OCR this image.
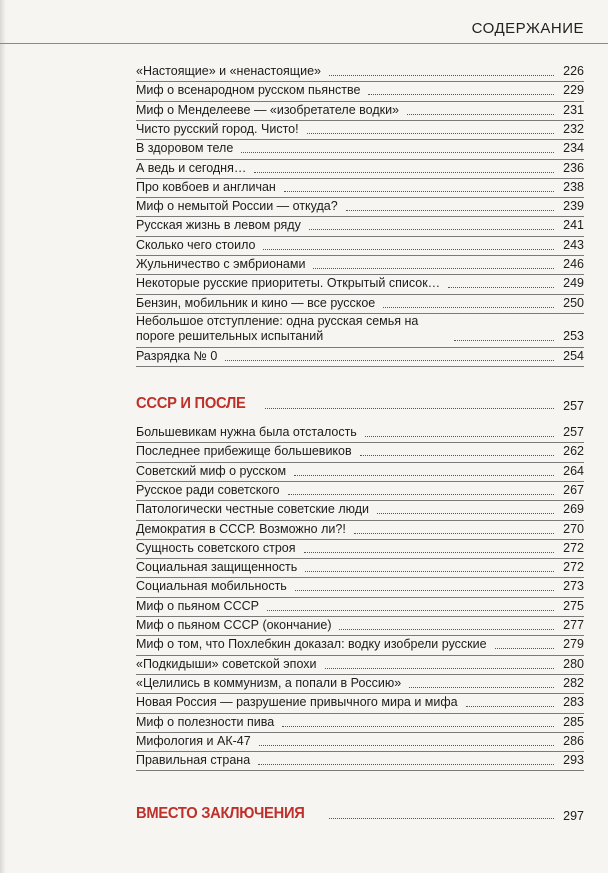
СОДЕРЖАНИЕ
«Настоящие» и «ненастоящие»	226
Миф о всенародном русском пьянстве	229
Миф о Менделееве — «изобретателе водки»	231
Чисто русский город. Чисто!	232
В здоровом теле	234
А ведь и сегодня…	236
Про ковбоев и англичан	238
Миф о немытой России — откуда?	239
Русская жизнь в левом ряду	241
Сколько чего стоило	243
Жульничество с эмбрионами	246
Некоторые русские приоритеты. Открытый список…	249
Бензин, мобильник и кино — все русское	250
Небольшое отступление: одна русская семья на пороге решительных испытаний	253
Разрядка № 0	254
СССР И ПОСЛЕ	257
Большевикам нужна была отсталость	257
Последнее прибежище большевиков	262
Советский миф о русском	264
Русское ради советского	267
Патологически честные советские люди	269
Демократия в СССР. Возможно ли?!	270
Сущность советского строя	272
Социальная защищенность	272
Социальная мобильность	273
Миф о пьяном СССР	275
Миф о пьяном СССР (окончание)	277
Миф о том, что Похлебкин доказал: водку изобрели русские	279
«Подкидыши» советской эпохи	280
«Целились в коммунизм, а попали в Россию»	282
Новая Россия — разрушение привычного мира и мифа	283
Миф о полезности пива	285
Мифология и АК-47	286
Правильная страна	293
ВМЕСТО ЗАКЛЮЧЕНИЯ	297
